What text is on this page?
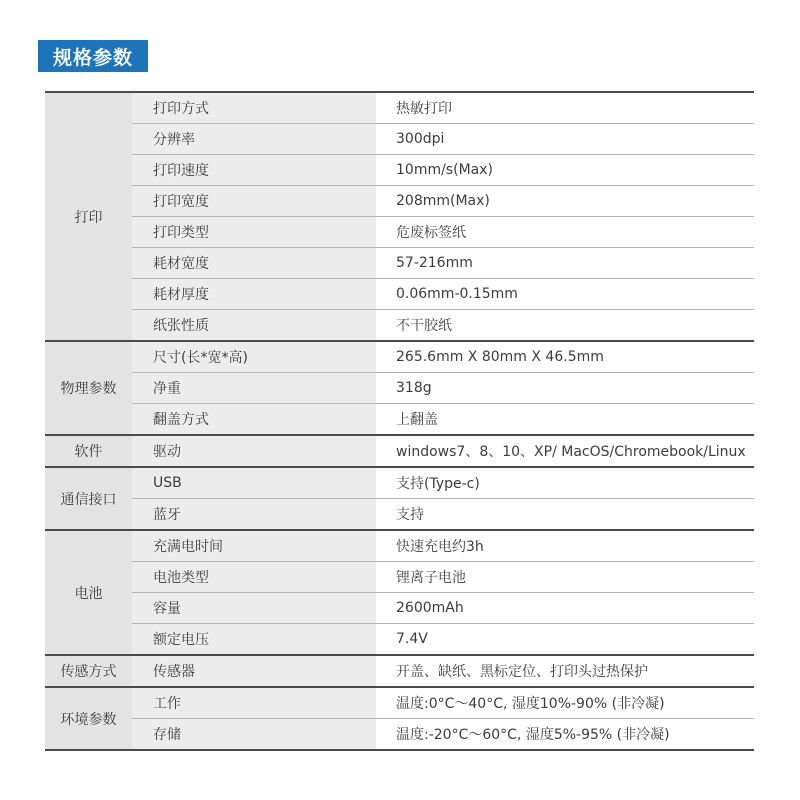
规格参数
打印
打印方式	热敏打印
分辨率	300dpi
打印速度	10mm/s(Max)
打印宽度	208mm(Max)
打印类型	危废标签纸
耗材宽度	57-216mm
耗材厚度	0.06mm-0.15mm
纸张性质	不干胶纸
物理参数
尺寸(长*宽*高)	265.6mm X 80mm X 46.5mm
净重	318g
翻盖方式	上翻盖
软件	驱动	windows7、8、10、XP/ MacOS/Chromebook/Linux
通信接口
USB	支持(Type-c)
蓝牙	支持
电池
充满电时间	快速充电约3h
电池类型	锂离子电池
容量	2600mAh
额定电压	7.4V
传感方式	传感器	开盖、缺纸、黑标定位、打印头过热保护
环境参数
工作	温度:0°C～40°C, 湿度10%-90% (非冷凝)
存储	温度:-20°C～60°C, 湿度5%-95% (非冷凝)
